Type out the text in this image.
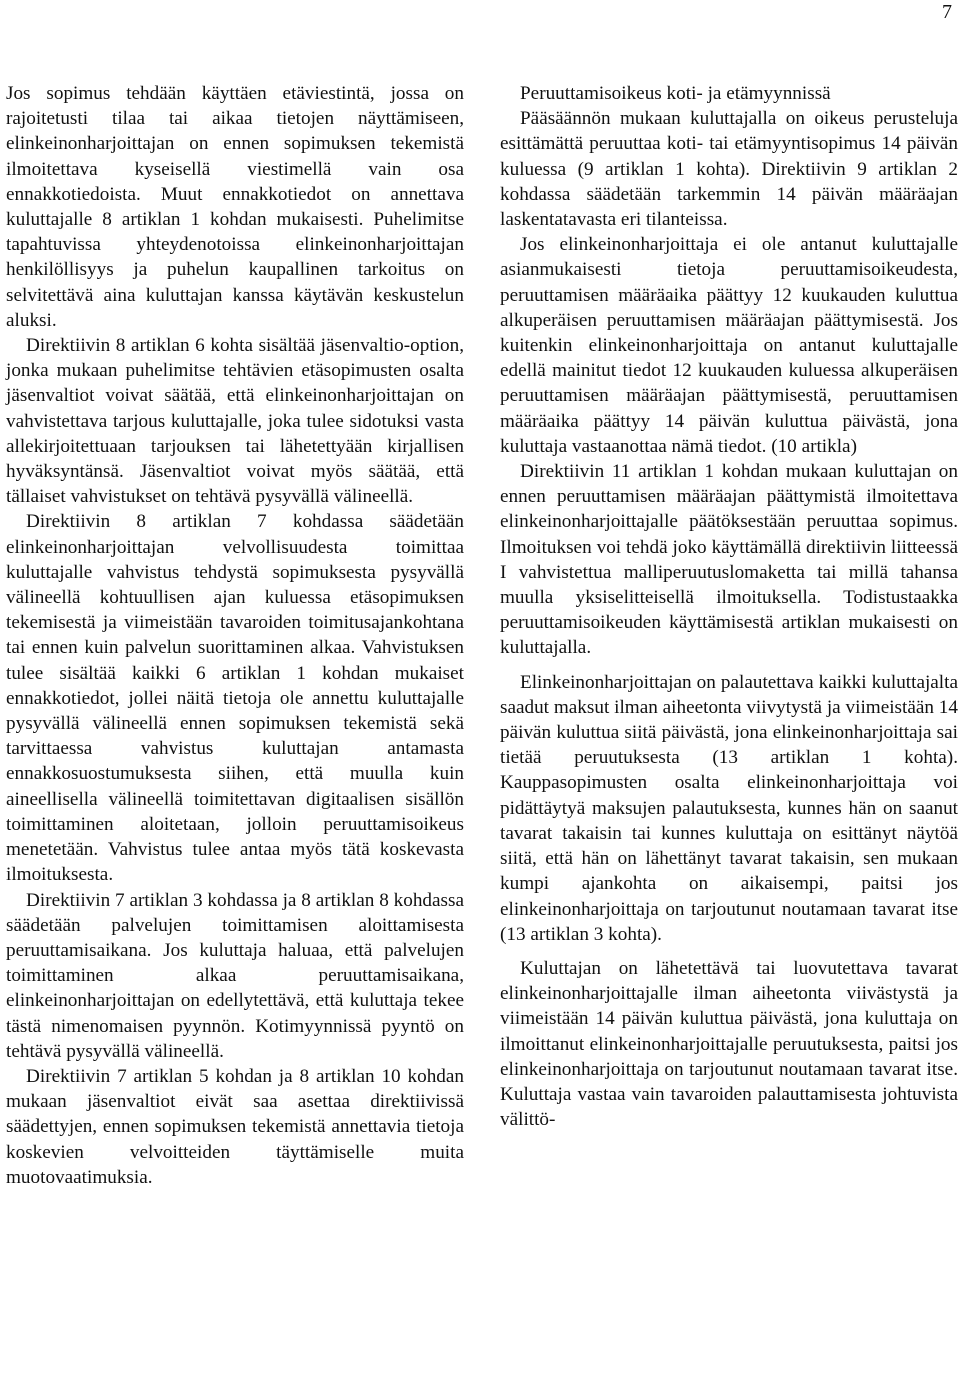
7

Jos sopimus tehdään käyttäen etäviestintä, jossa on rajoitetusti tilaa tai aikaa tietojen näyttämiseen, elinkeinonharjoittajan on ennen sopimuksen tekemistä ilmoitettava kyseisellä viestimellä vain osa ennakkotiedoista. Muut ennakkotiedot on annettava kuluttajalle 8 artiklan 1 kohdan mukaisesti. Puhelimitse tapahtuvissa yhteydenotoissa elinkeinonharjoittajan henkilöllisyys ja puhelun kaupallinen tarkoitus on selvitettävä aina kuluttajan kanssa käytävän keskustelun aluksi.

Direktiivin 8 artiklan 6 kohta sisältää jäsenvaltio-option, jonka mukaan puhelimitse tehtävien etäsopimusten osalta jäsenvaltiot voivat säätää, että elinkeinonharjoittajan on vahvistettava tarjous kuluttajalle, joka tulee sidotuksi vasta allekirjoitettuaan tarjouksen tai lähetettyään kirjallisen hyväksyntänsä. Jäsenvaltiot voivat myös säätää, että tällaiset vahvistukset on tehtävä pysyvällä välineellä.

Direktiivin 8 artiklan 7 kohdassa säädetään elinkeinonharjoittajan velvollisuudesta toimittaa kuluttajalle vahvistus tehdystä sopimuksesta pysyvällä välineellä kohtuullisen ajan kuluessa etäsopimuksen tekemisestä ja viimeistään tavaroiden toimitusajankohtana tai ennen kuin palvelun suorittaminen alkaa. Vahvistuksen tulee sisältää kaikki 6 artiklan 1 kohdan mukaiset ennakkotiedot, jollei näitä tietoja ole annettu kuluttajalle pysyvällä välineellä ennen sopimuksen tekemistä sekä tarvittaessa vahvistus kuluttajan antamasta ennakkosuostumuksesta siihen, että muulla kuin aineellisella välineellä toimitettavan digitaalisen sisällön toimittaminen aloitetaan, jolloin peruuttamisoikeus menetetään. Vahvistus tulee antaa myös tätä koskevasta ilmoituksesta.

Direktiivin 7 artiklan 3 kohdassa ja 8 artiklan 8 kohdassa säädetään palvelujen toimittamisen aloittamisesta peruuttamisaikana. Jos kuluttaja haluaa, että palvelujen toimittaminen alkaa peruuttamisaikana, elinkeinonharjoittajan on edellytettävä, että kuluttaja tekee tästä nimenomaisen pyynnön. Kotimyynnissä pyyntö on tehtävä pysyvällä välineellä.

Direktiivin 7 artiklan 5 kohdan ja 8 artiklan 10 kohdan mukaan jäsenvaltiot eivät saa asettaa direktiivissä säädettyjen, ennen sopimuksen tekemistä annettavia tietoja koskevien velvoitteiden täyttämiselle muita muotovaatimuksia.

Peruuttamisoikeus koti- ja etämyynnissä

Pääsäännön mukaan kuluttajalla on oikeus perusteluja esittämättä peruuttaa koti- tai etämyyntisopimus 14 päivän kuluessa (9 artiklan 1 kohta). Direktiivin 9 artiklan 2 kohdassa säädetään tarkemmin 14 päivän määräajan laskentatavasta eri tilanteissa.

Jos elinkeinonharjoittaja ei ole antanut kuluttajalle asianmukaisesti tietoja peruuttamisoikeudesta, peruuttamisen määräaika päättyy 12 kuukauden kuluttua alkuperäisen peruuttamisen määräajan päättymisestä. Jos kuitenkin elinkeinonharjoittaja on antanut kuluttajalle edellä mainitut tiedot 12 kuukauden kuluessa alkuperäisen peruuttamisen määräajan päättymisestä, peruuttamisen määräaika päättyy 14 päivän kuluttua päivästä, jona kuluttaja vastaanottaa nämä tiedot. (10 artikla)

Direktiivin 11 artiklan 1 kohdan mukaan kuluttajan on ennen peruuttamisen määräajan päättymistä ilmoitettava elinkeinonharjoittajalle päätöksestään peruuttaa sopimus. Ilmoituksen voi tehdä joko käyttämällä direktiivin liitteessä I vahvistettua malliperuutuslomaketta tai millä tahansa muulla yksiselitteisellä ilmoituksella. Todistustaakka peruuttamisoikeuden käyttämisestä artiklan mukaisesti on kuluttajalla.

Elinkeinonharjoittajan on palautettava kaikki kuluttajalta saadut maksut ilman aiheetonta viivytystä ja viimeistään 14 päivän kuluttua siitä päivästä, jona elinkeinonharjoittaja sai tietää peruutuksesta (13 artiklan 1 kohta). Kauppasopimusten osalta elinkeinonharjoittaja voi pidättäytyä maksujen palautuksesta, kunnes hän on saanut tavarat takaisin tai kunnes kuluttaja on esittänyt näytöä siitä, että hän on lähettänyt tavarat takaisin, sen mukaan kumpi ajankohta on aikaisempi, paitsi jos elinkeinonharjoittaja on tarjoutunut noutamaan tavarat itse (13 artiklan 3 kohta).

Kuluttajan on lähetettävä tai luovutettava tavarat elinkeinonharjoittajalle ilman aiheetonta viivästystä ja viimeistään 14 päivän kuluttua päivästä, jona kuluttaja on ilmoittanut elinkeinonharjoittajalle peruutuksesta, paitsi jos elinkeinonharjoittaja on tarjoutunut noutamaan tavarat itse. Kuluttaja vastaa vain tavaroiden palauttamisesta johtuvista välittö-
